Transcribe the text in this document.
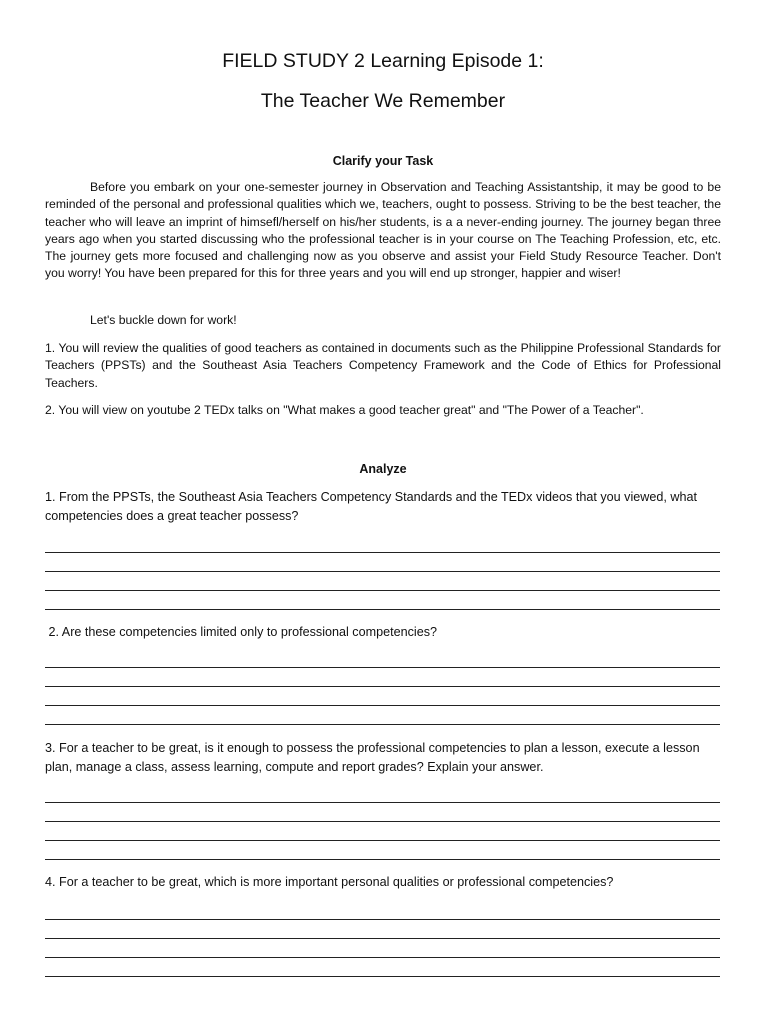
FIELD STUDY 2 Learning Episode 1:
The Teacher We Remember
Clarify your Task

Before you embark on your one-semester journey in Observation and Teaching Assistantship, it may be good to be reminded of the personal and professional qualities which we, teachers, ought to possess. Striving to be the best teacher, the teacher who will leave an imprint of himsefl/herself on his/her students, is a a never-ending journey. The journey began three years ago when you started discussing who the professional teacher is in your course on The Teaching Profession, etc, etc. The journey gets more focused and challenging now as you observe and assist your Field Study Resource Teacher. Don't you worry! You have been prepared for this for three years and you will end up stronger, happier and wiser!

Let's buckle down for work!

1. You will review the qualities of good teachers as contained in documents such as the Philippine Professional Standards for Teachers (PPSTs) and the Southeast Asia Teachers Competency Framework and the Code of Ethics for Professional Teachers.

2. You will view on youtube 2 TEDx talks on "What makes a good teacher great" and "The Power of a Teacher".

Analyze

1. From the PPSTs, the Southeast Asia Teachers Competency Standards and the TEDx videos that you viewed, what competencies does a great teacher possess?

2. Are these competencies limited only to professional competencies?

3. For a teacher to be great, is it enough to possess the professional competencies to plan a lesson, execute a lesson plan, manage a class, assess learning, compute and report grades? Explain your answer.

4. For a teacher to be great, which is more important personal qualities or professional competencies?
